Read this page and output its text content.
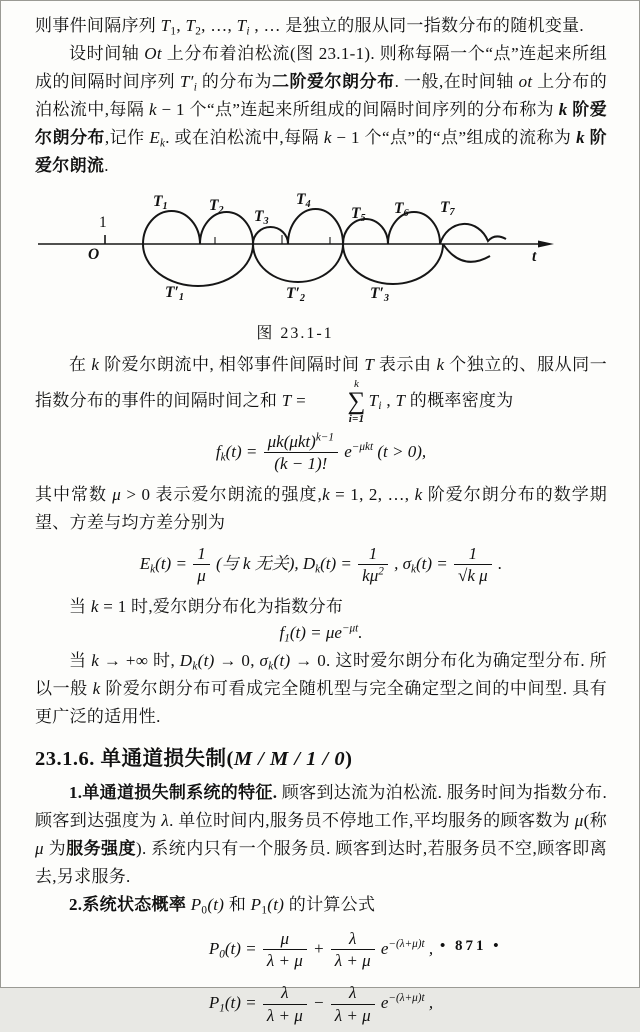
则事件间隔序列 $T_1$, $T_2$, …, $T_i$ , … 是独立的服从同一指数分布的随机变量.

设时间轴 Ot 上分布着泊松流(图 23.1-1). 则称每隔一个“点”连起来所组成的间隔时间序列 $T'_i$ 的分布为二阶爱尔朗分布. 一般,在时间轴 ot 上分布的泊松流中,每隔 k − 1 个“点”连起来所组成的间隔时间序列的分布称为 k 阶爱尔朗分布,记作 $E_k$. 或在泊松流中,每隔 k − 1 个“点”的“点”组成的流称为 k 阶爱尔朗流.

$T_1$	$T_2$ $T_3$
$T_4$
$T_5$
$T_6$ $T_7$
$T'_1$	$T'_2$	$T'_3$
1
O	t
图 23.1-1

在 k 阶爱尔朗流中, 相邻事件间隔时间 T 表示由 k 个独立的、服从同一指数分布的事件的间隔时间之和 T =
k
∑
i=1
$T_i$ , T 的概率密度为

$f_k(t) = \frac{\mu k(\mu kt)^{k-1}}{(k - 1)!} e^{-\mu kt}$ (t > 0),

其中常数 μ > 0 表示爱尔朗流的强度,k = 1, 2, …, k 阶爱尔朗分布的数学期望、方差与均方差分别为

$E_k(t) = \frac{1}{\mu}$ (与 k 无关), $D_k(t) = \frac{1}{k\mu^2}$ , $\sigma_k(t) = \frac{1}{\text{√k μ}}$ .

当 k = 1 时,爱尔朗分布化为指数分布

$f_1(t) = \mu e^{-\mu t}$.

当 k → +∞ 时, $D_k(t) \to 0$, $\sigma_k(t) \to 0$. 这时爱尔朗分布化为确定型分布. 所以一般 k 阶爱尔朗分布可看成完全随机型与完全确定型之间的中间型. 具有更广泛的适用性.

23.1.6. 单通道损失制(M / M / 1 / 0)

1.单通道损失制系统的特征. 顾客到达流为泊松流. 服务时间为指数分布. 顾客到达强度为 λ. 单位时间内,服务员不停地工作,平均服务的顾客数为 μ(称 μ 为服务强度). 系统内只有一个服务员. 顾客到达时,若服务员不空,顾客即离去,另求服务.

2.系统状态概率 $P_0(t)$ 和 $P_1(t)$ 的计算公式

$P_0(t) = \frac{\mu}{\lambda + \mu} + \frac{\lambda}{\lambda + \mu} e^{-(\lambda+\mu)t}$ ,
$P_1(t) = \frac{\lambda}{\lambda + \mu} - \frac{\lambda}{\lambda + \mu} e^{-(\lambda+\mu)t}$ ,
• 871 •
